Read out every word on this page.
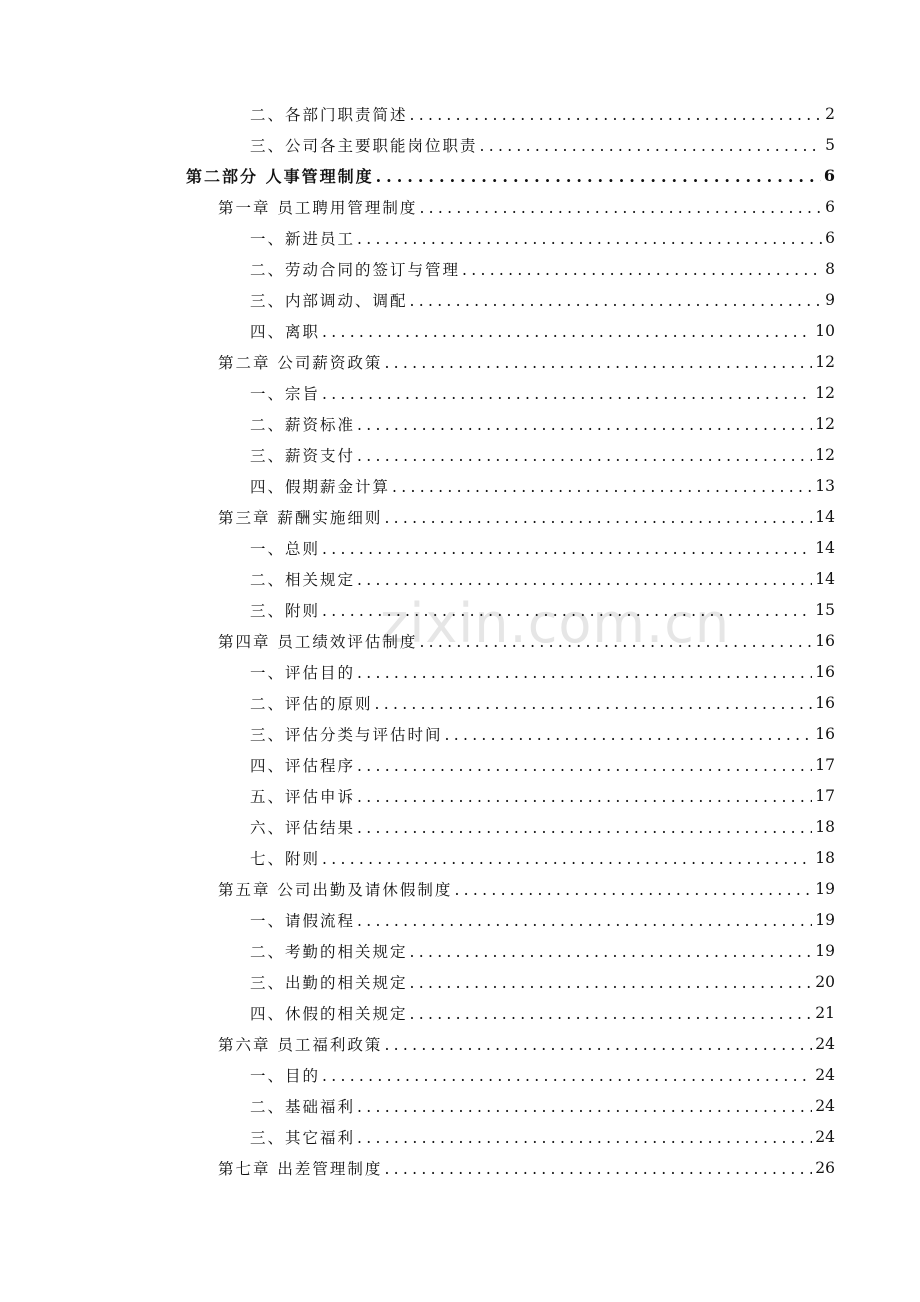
zixin.com.cn
二、各部门职责简述 .....	2
三、公司各主要职能岗位职责 .....	5
第二部分 人事管理制度 .....	6
第一章 员工聘用管理制度 .....	6
一、新进员工 .....	6
二、劳动合同的签订与管理 .....	8
三、内部调动、调配 .....	9
四、离职 .....	10
第二章 公司薪资政策 .....	12
一、宗旨 .....	12
二、薪资标准 .....	12
三、薪资支付 .....	12
四、假期薪金计算 .....	13
第三章 薪酬实施细则 .....	14
一、总则 .....	14
二、相关规定 .....	14
三、附则 .....	15
第四章 员工绩效评估制度 .....	16
一、评估目的 .....	16
二、评估的原则 .....	16
三、评估分类与评估时间 .....	16
四、评估程序 .....	17
五、评估申诉 .....	17
六、评估结果 .....	18
七、附则 .....	18
第五章 公司出勤及请休假制度 .....	19
一、请假流程 .....	19
二、考勤的相关规定 .....	19
三、出勤的相关规定 .....	20
四、休假的相关规定 .....	21
第六章 员工福利政策 .....	24
一、目的 .....	24
二、基础福利 .....	24
三、其它福利 .....	24
第七章 出差管理制度 .....	26
